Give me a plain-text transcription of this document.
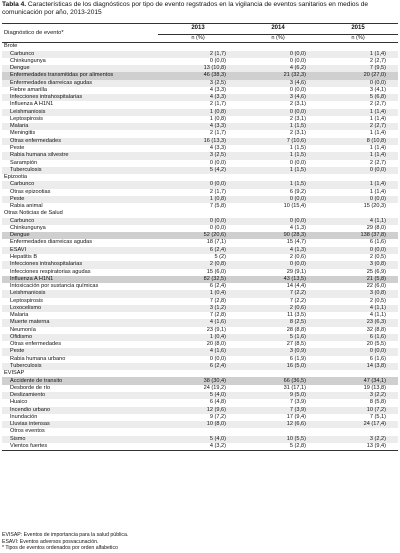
Tabla 4. Características de los diagnósticos por tipo de evento regstrados en la vigilancia de eventos sanitarios en medios de comunicación por año, 2013-2015
Diagnóstico de evento*	2013	2014	2015
	n (%)	n (%)	n (%)
Brote			
Carbunco	2 (1,7)	0 (0,0)	1 (1,4)
Chinkungunya	0 (0,0)	0 (0,0)	2 (2,7)
Dengue	13 (10,8)	4 (6,2)	7 (9,5)
Enfermedades transmitidas por alimentos	46 (38,3)	21 (32,3)	20 (27,0)
Enfermedades diarreicas agudas	3 (2,5)	3 (4,6)	0 (0,0)
Fiebre amarilla	4 (3,3)	0 (0,0)	3 (4,1)
Infecciones intrahospitalarias	4 (3,3)	3 (4,6)	5 (6,8)
Influenza A H1N1	2 (1,7)	2 (3,1)	2 (2,7)
Leishmaniosis	1 (0,8)	0 (0,0)	1 (1,4)
Leptospirosis	1 (0,8)	2 (3,1)	1 (1,4)
Malaria	4 (3,3)	1 (1,5)	2 (2,7)
Meningitis	2 (1,7)	2 (3,1)	1 (1,4)
Otras enfermedades	16 (13,3)	7 (10,6)	8 (10,8)
Peste	4 (3,3)	1 (1,5)	1 (1,4)
Rabia humana silvestre	3 (2,5)	1 (1,5)	1 (1,4)
Sarampión	0 (0,0)	0 (0,0)	2 (2,7)
Tuberculosis	5 (4,2)	1 (1,5)	0 (0,0)
Epizootia			
Carbunco	0 (0,0)	1 (1,5)	1 (1,4)
Otras epizootias	2 (1,7)	6 (9,2)	1 (1,4)
Peste	1 (0,8)	0 (0,0)	0 (0,0)
Rabia animal	7 (5,8)	10 (15,4)	15 (20,3)
Otras Noticias de Salud			
Carbunco	0 (0,0)	0 (0,0)	4 (1,1)
Chinkungunya	0 (0,0)	4 (1,3)	29 (8,0)
Dengue	52 (20,6)	90 (28,3)	138 (37,8)
Enfermedades diarreicas agudas	18 (7,1)	15 (4,7)	6 (1,6)
ESAVI	6 (2,4)	4 (1,3)	0 (0,0)
Hepatitis B	5 (2)	2 (0,6)	2 (0,5)
Infecciones intrahospitalarias	2 (0,8)	0 (0,0)	3 (0,8)
Infecciones respiratorias agudas	15 (6,0)	29 (9,1)	25 (6,9)
Influenza A H1N1	82 (32,5)	43 (13,5)	21 (5,8)
Intoxicación por sustancia químicas	6 (2,4)	14 (4,4)	22 (6,0)
Leishmaniosis	1 (0,4)	7 (2,2)	3 (0,8)
Leptospirosis	7 (2,8)	7 (2,2)	2 (0,5)
Loxocelismo	3 (1,2)	2 (0,6)	4 (1,1)
Malaria	7 (2,8)	11 (3,5)	4 (1,1)
Muerte materna	4 (1,6)	8 (2,5)	23 (6,3)
Neumonía	23 (9,1)	28 (8,8)	32 (8,8)
Ofidismo	1 (0,4)	5 (1,6)	6 (1,6)
Otras enfermedades	20 (8,0)	27 (8,5)	20 (5,5)
Peste	4 (1,6)	3 (0,9)	0 (0,0)
Rabia humana urbano	0 (0,0)	6 (1,9)	6 (1,6)
Tuberculosis	6 (2,4)	16 (5,0)	14 (3,8)
EVISAP			
Accidente de transito	38 (30,4)	66 (36,5)	47 (34,1)
Desborde de río	24 (19,2)	31 (17,1)	19 (13,8)
Deslizamiento	5 (4,0)	9 (5,0)	3 (2,2)
Huaico	6 (4,8)	7 (3,9)	8 (5,8)
Incendio urbano	12 (9,6)	7 (3,9)	10 (7,2)
Inundación	9 (7,2)	17 (9,4)	7 (5,1)
Lluvias intensas	10 (8,0)	12 (6,6)	24 (17,4)
Otros eventos			
Sismo	5 (4,0)	10 (5,5)	3 (2,2)
Vientos fuertes	4 (3,2)	5 (2,8)	13 (9,4)
EVISAP: Eventos de importancia para la salud pública.
ESAVI: Eventos adversos posvacunación.
* Tipos de eventos ordenados por orden alfabetico
